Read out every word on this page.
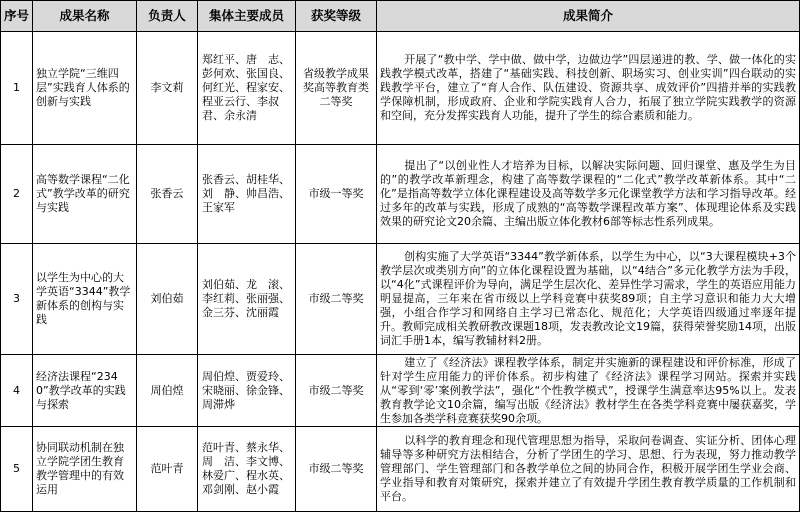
序号	成果名称	负责人	集体主要成员	获奖等级	成果简介
1	独立学院“三维四层”实践育人体系的创新与实践	李文莉	郑红平、唐　志、彭何欢、张国良、何红光、程家安、程亚云行、李叔君、余永清	省级教学成果奖高等教育类二等奖	开展了“教中学、学中做、做中学，边做边学”四层递进的教、学、做一体化的实践教学模式改革，搭建了“基础实践、科技创新、职场实习、创业实训”四台联动的实践教学平台，建立了“育人合作、队伍建设、资源共享、成效评价”四措并举的实践教学保障机制，形成政府、企业和学院实践育人合力，拓展了独立学院实践教学的资源和空间，充分发挥实践育人功能，提升了学生的综合素质和能力。
2	高等数学课程“二化式”教学改革的研究与实践	张香云	张香云、胡桂华、刘　静、帅昌浩、王家军	市级一等奖	提出了“以创业性人才培养为目标，以解决实际问题、回归课堂、惠及学生为目的”的教学改革新理念，构建了高等数学课程的“二化式”教学改革新体系。其中“二化”是指高等数学立体化课程建设及高等数学多元化课堂教学方法和学习指导改革。经过多年的改革与实践，形成了成熟的“高等数学课程改革方案”、体现理论体系及实践效果的研究论文20余篇、主编出版立体化教材6部等标志性系列成果。
3	以学生为中心的大学英语“3344”教学新体系的创构与实践	刘伯茹	刘伯茹、龙　滚、李红莉、张丽强、金三芬、沈丽霞	市级二等奖	创构实施了大学英语“3344”教学新体系，以学生为中心，以“3大课程模块+3个教学层次或类别方向”的立体化课程设置为基础，以“4结合”多元化教学方法为手段，以“4化”式课程评价为导向，满足学生层次化、差异性学习需求，学生的英语应用能力明显提高，三年来在省市级以上学科竞赛中获奖89项；自主学习意识和能力大大增强，小组合作学习和网络自主学习已常态化、规范化；大学英语四级通过率逐年提升。教师完成相关教研教改课题18项，发表教改论文19篇，获得荣誉奖励14项，出版词汇手册1本，编写教辅材料2册。
4	经济法课程“2340”教学改革的实践与探索	周伯煌	周伯煌、贾爱玲、宋晓丽、徐金锋、周滞烨	市级二等奖	建立了《经济法》课程教学体系，制定并实施新的课程建设和评价标准，形成了针对学生应用能力的评价体系。初步构建了《经济法》课程学习网站。探索并实践从“零到‘零’案例教学法”，强化“个性教学模式”，授课学生满意率达95%以上。发表教育教学论文10余篇，编写出版《经济法》教材学生在各类学科竞赛中屡获嘉奖，学生参加各类学科竞赛获奖90余项。
5	协同联动机制在独立学院学团生教育教学管理中的有效运用	范叶青	范叶青、蔡永华、周　洁、李文博、林爱广、程水英、邓剑刚、赵小霞	市级二等奖	以科学的教育理念和现代管理思想为指导，采取问卷调查、实证分析、团体心理辅导等多种研究方法相结合，分析了学团生的学习、思想、行为表现，努力推动教学管理部门、学生管理部门和各教学单位之间的协同合作，积极开展学团生学业会商、学业指导和教育对策研究，探索并建立了有效提升学团生教育教学质量的工作机制和平台。
